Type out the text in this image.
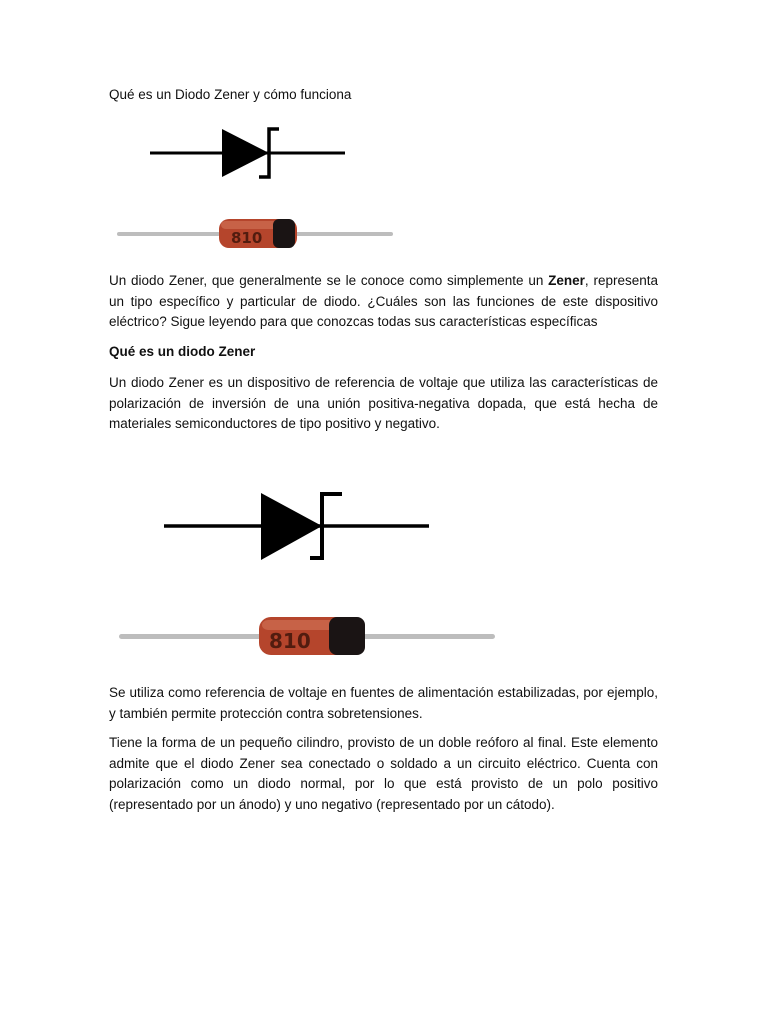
Qué es un Diodo Zener y cómo funciona
810

Un diodo Zener, que generalmente se le conoce como simplemente un Zener, representa un tipo específico y particular de diodo. ¿Cuáles son las funciones de este dispositivo eléctrico? Sigue leyendo para que conozcas todas sus características específicas

Qué es un diodo Zener

Un diodo Zener es un dispositivo de referencia de voltaje que utiliza las características de polarización de inversión de una unión positiva-negativa dopada, que está hecha de materiales semiconductores de tipo positivo y negativo.

810

Se utiliza como referencia de voltaje en fuentes de alimentación estabilizadas, por ejemplo, y también permite protección contra sobretensiones.

Tiene la forma de un pequeño cilindro, provisto de un doble reóforo al final. Este elemento admite que el diodo Zener sea conectado o soldado a un circuito eléctrico. Cuenta con polarización como un diodo normal, por lo que está provisto de un polo positivo (representado por un ánodo) y uno negativo (representado por un cátodo).
